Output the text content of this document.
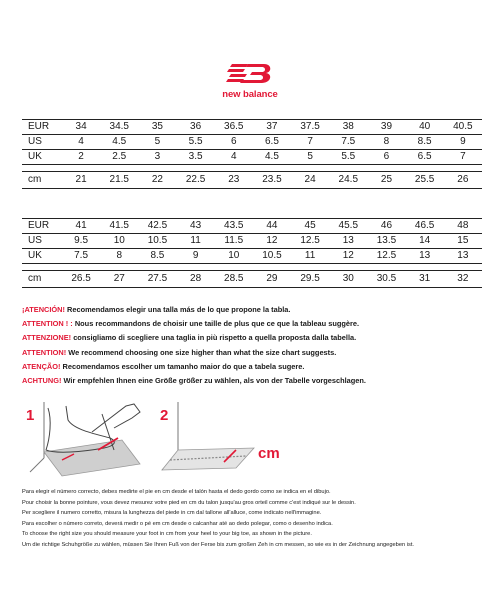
new balance
EUR	34	34.5	35	36	36.5	37	37.5	38	39	40	40.5
US	4	4.5	5	5.5	6	6.5	7	7.5	8	8.5	9
UK	2	2.5	3	3.5	4	4.5	5	5.5	6	6.5	7

cm	21	21.5	22	22.5	23	23.5	24	24.5	25	25.5	26
EUR	41	41.5	42.5	43	43.5	44	45	45.5	46	46.5	48
US	9.5	10	10.5	11	11.5	12	12.5	13	13.5	14	15
UK	7.5	8	8.5	9	10	10.5	11	12	12.5	13	13

cm	26.5	27	27.5	28	28.5	29	29.5	30	30.5	31	32
¡ATENCIÓN! Recomendamos elegir una talla más de lo que propone la tabla.
ATTENTION ! : Nous recommandons de choisir une taille de plus que ce que la tableau suggère.
ATTENZIONE! consigliamo di scegliere una taglia in più rispetto a quella proposta dalla tabella.
ATTENTION! We recommend choosing one size higher than what the size chart suggests.
ATENÇÃO! Recomendamos escolher um tamanho maior do que a tabela sugere.
ACHTUNG! Wir empfehlen Ihnen eine Größe größer zu wählen, als von der Tabelle vorgeschlagen.
1	2
cm
Para elegir el número correcto, debes medirte el pie en cm desde el talón hasta el dedo gordo como se indica en el dibujo.
Pour choisir la bonne pointure, vous devez mesurez votre pied en cm du talon jusqu'au gros orteil comme c'est indiqué sur le dessin.
Per scegliere il numero corretto, misura la lunghezza del piede in cm dal tallone all'alluce, come indicato nell'immagine.
Para escolher o número correto, deverá medir o pé em cm desde o calcanhar até ao dedo polegar, como o desenho indica.
To choose the right size you should measure your foot in cm from your heel to your big toe, as shown in the picture.
Um die richtige Schuhgröße zu wählen, müssen Sie Ihren Fuß von der Ferse bis zum großen Zeh in cm messen, so wie es in der Zeichnung angegeben ist.
